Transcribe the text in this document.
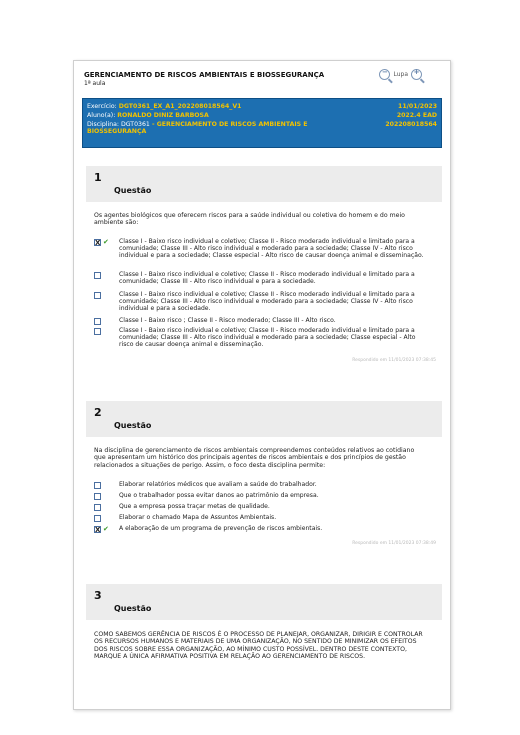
GERENCIAMENTO DE RISCOS AMBIENTAIS E BIOSSEGURANÇA
1ª aula
− Lupa +
Exercício: DGT0361_EX_A1_202208018564_V1	11/01/2023
Aluno(a): RONALDO DINIZ BARBOSA	2022.4 EAD
Disciplina: DGT0361 - GERENCIAMENTO DE RISCOS AMBIENTAIS E BIOSSEGURANÇA
202208018564
1
Questão
Os agentes biológicos que oferecem riscos para a saúde individual ou coletiva do homem e do meio ambiente são:
X ✔	Classe I - Baixo risco individual e coletivo; Classe II - Risco moderado individual e limitado para a comunidade; Classe III - Alto risco individual e moderado para a sociedade; Classe IV - Alto risco individual e para a sociedade; Classe especial - Alto risco de causar doença animal e disseminação.
Classe I - Baixo risco individual e coletivo; Classe II - Risco moderado individual e limitado para a comunidade; Classe III - Alto risco individual e para a sociedade.
Classe I - Baixo risco individual e coletivo; Classe II - Risco moderado individual e limitado para a comunidade; Classe III - Alto risco individual e moderado para a sociedade; Classe IV - Alto risco individual e para a sociedade.
Classe I - Baixo risco ; Classe II - Risco moderado; Classe III - Alto risco.
Classe I - Baixo risco individual e coletivo; Classe II - Risco moderado individual e limitado para a comunidade; Classe III - Alto risco individual e moderado para a sociedade; Classe especial - Alto risco de causar doença animal e disseminação.
Respondido em 11/01/2023 07:38:45
2
Questão
Na disciplina de gerenciamento de riscos ambientais compreendemos conteúdos relativos ao cotidiano que apresentam um histórico dos principais agentes de riscos ambientais e dos princípios de gestão relacionados a situações de perigo. Assim, o foco desta disciplina permite:
Elaborar relatórios médicos que avaliam a saúde do trabalhador.
Que o trabalhador possa evitar danos ao patrimônio da empresa.
Que a empresa possa traçar metas de qualidade.
Elaborar o chamado Mapa de Assuntos Ambientais.
X ✔	A elaboração de um programa de prevenção de riscos ambientais.
Respondido em 11/01/2023 07:38:49
3
Questão
COMO SABEMOS GERÊNCIA DE RISCOS É O PROCESSO DE PLANEJAR, ORGANIZAR, DIRIGIR E CONTROLAR OS RECURSOS HUMANOS E MATERIAIS DE UMA ORGANIZAÇÃO, NO SENTIDO DE MINIMIZAR OS EFEITOS DOS RISCOS SOBRE ESSA ORGANIZAÇÃO, AO MÍNIMO CUSTO POSSÍVEL. DENTRO DESTE CONTEXTO, MARQUE A ÚNICA AFIRMATIVA POSITIVA EM RELAÇÃO AO GERENCIAMENTO DE RISCOS.
